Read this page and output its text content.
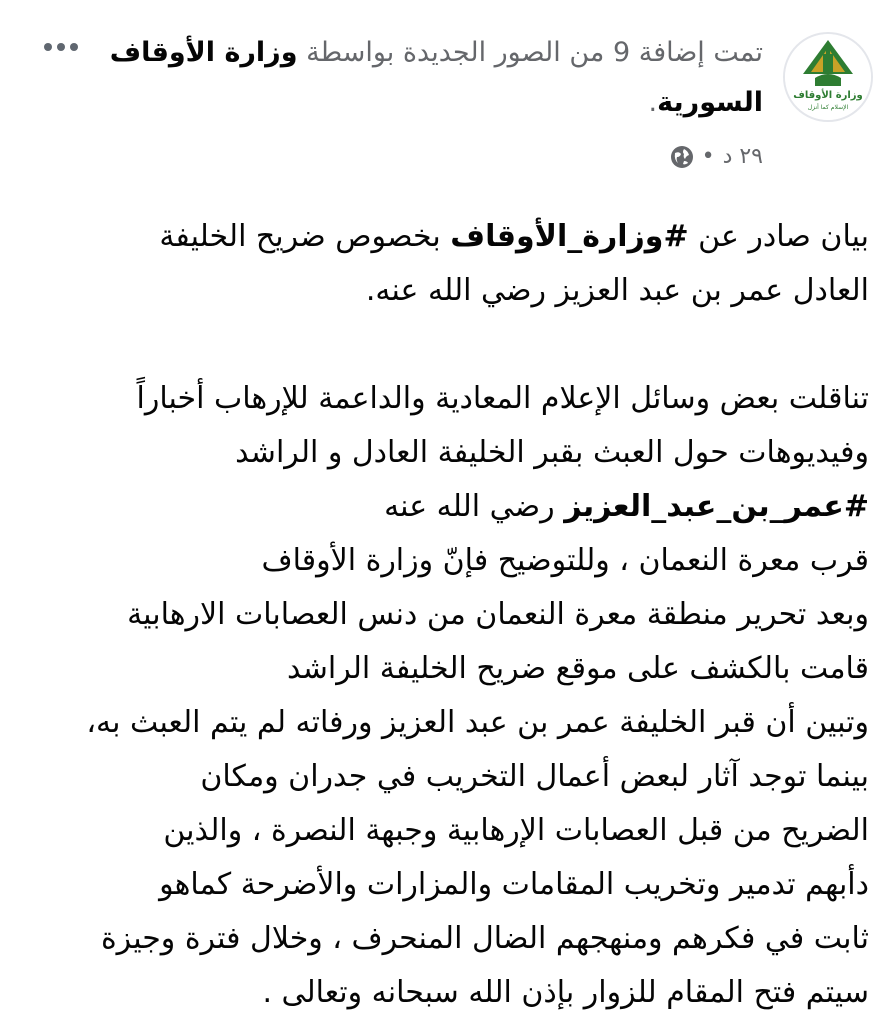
وزارة الأوقاف
الإسلام كما أنزل
تمت إضافة 9 من الصور الجديدة بواسطة وزارة الأوقاف السورية.
٢٩ د
•

بيان صادر عن #وزارة_الأوقاف بخصوص ضريح الخليفة

العادل عمر بن عبد العزيز رضي الله عنه.

تناقلت بعض وسائل الإعلام المعادية والداعمة للإرهاب أخباراً

وفيديوهات حول العبث بقبر الخليفة العادل و الراشد

#عمر_بن_عبد_العزيز رضي الله عنه

قرب معرة النعمان ، وللتوضيح فإنّ وزارة الأوقاف

وبعد تحرير منطقة معرة النعمان من دنس العصابات الارهابية

قامت بالكشف على موقع ضريح الخليفة الراشد

وتبين أن قبر الخليفة عمر بن عبد العزيز ورفاته لم يتم العبث به،

بينما توجد آثار لبعض أعمال التخريب في جدران ومكان

الضريح من قبل العصابات الإرهابية وجبهة النصرة ، والذين

دأبهم تدمير وتخريب المقامات والمزارات والأضرحة كماهو

ثابت في فكرهم ومنهجهم الضال المنحرف ، وخلال فترة وجيزة

سيتم فتح المقام للزوار بإذن الله سبحانه وتعالى .
